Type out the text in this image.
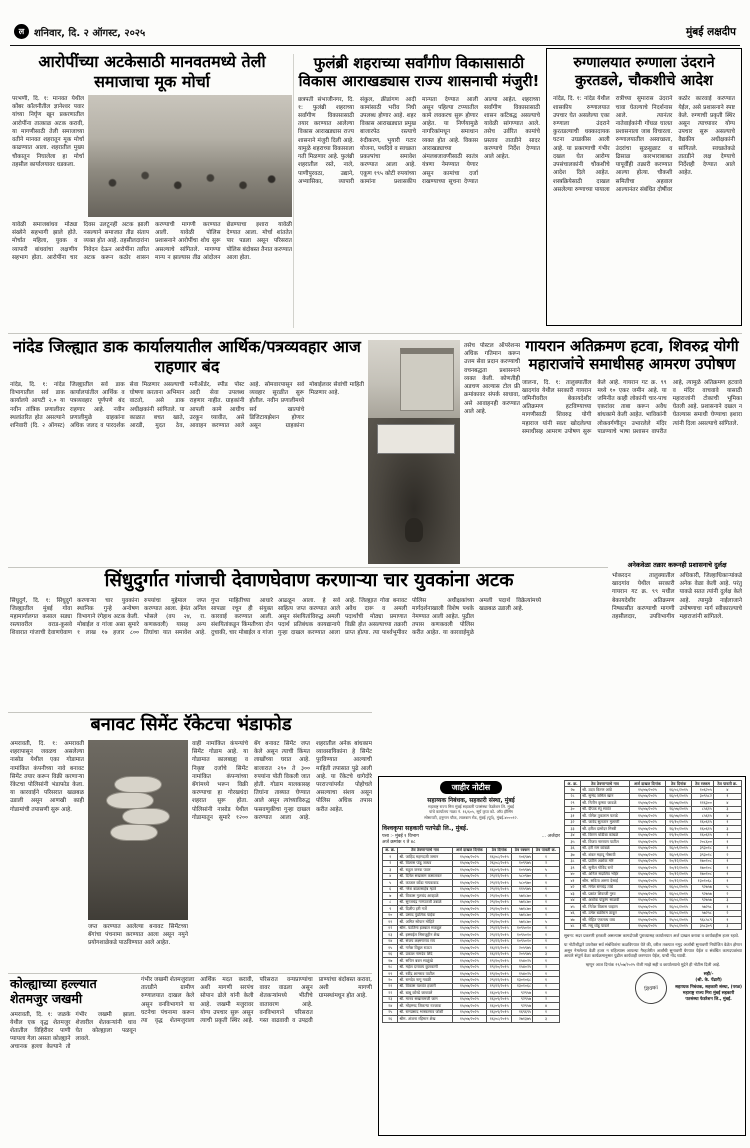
ल शनिवार, दि. २ ऑगस्ट, २०२५	मुंबई लक्षदीप
आरोपींच्या अटकेसाठी मानवतमध्ये तेली समाजाचा मूक मोर्चा
परभणी, दि. १: मानवत येथील कोंबर कॉलनीतील ज्ञानेश्वर पवार यांच्या निर्घृण खून प्रकरणातील आरोपींना तात्काळ अटक करावी, या मागणीसाठी तेली समाजाच्या वतीने मानवत शहरातून मूक मोर्चा काढण्यात आला. शहरातील मुख्य चौकातून निघालेला हा मोर्चा तहसील कार्यालयावर धडकला.
यावेळी समाजबांधव मोठ्या संख्येने सहभागी झाले होते. मोर्चात महिला, युवक व व्यापारी बांधवांचा लक्षणीय सहभाग होता. आरोपींना चार दिवस उलटूनही अटक झाली नसल्याने समाजात तीव्र संताप व्यक्त होत आहे. तहसीलदारांना निवेदन देऊन आरोपींना त्वरित अटक करून कठोर शासन करण्याची मागणी करण्यात आली. यावेळी पोलिस प्रशासनाने आरोपींचा शोध सुरू असल्याचे सांगितले. मागण्या मान्य न झाल्यास तीव्र आंदोलन छेडण्याचा इशारा यावेळी देण्यात आला. मोर्चा शांततेत पार पडला असून परिसरात पोलिस बंदोबस्त तैनात करण्यात आला होता.
फुलंब्री शहराच्या सर्वांगीण विकासासाठी विकास आराखड्यास राज्य शासनाची मंजुरी!
छत्रपती संभाजीनगर, दि. १: फुलंब्री शहराच्या सर्वांगीण विकासासाठी तयार करण्यात आलेल्या विकास आराखड्यास राज्य शासनाने मंजुरी दिली आहे. यामुळे शहराच्या विकासाला गती मिळणार आहे. फुलंब्री शहरातील रस्ते, नाले, पाणीपुरवठा, उद्याने, अभ्यासिका, व्यापारी संकुल, क्रीडांगण आदी कामांसाठी भरीव निधी उपलब्ध होणार आहे. शहर विकास आराखड्यात प्रमुख बाजारपेठ रस्त्याचे रुंदीकरण, भुयारी गटार योजना, पथदिवे व स्वच्छता प्रकल्पांचा समावेश करण्यात आला आहे. एकूण १९५ कोटी रुपयांच्या कामांना प्रशासकीय मान्यता देण्यात आली असून पहिल्या टप्प्यातील कामे लवकरच सुरू होणार आहेत. या निर्णयामुळे नागरिकांमधून समाधान व्यक्त होत आहे. विकास आराखड्याच्या अंमलबजावणीसाठी स्वतंत्र यंत्रणा नेमण्यात येणार असून कामांचा दर्जा राखण्याच्या सूचना देण्यात आल्या आहेत. शहराच्या सर्वांगीण विकासासाठी शासन कटिबद्ध असल्याचे यावेळी सांगण्यात आले. तसेच उर्वरित कामांचे प्रस्ताव तातडीने सादर करण्याचे निर्देश देण्यात आले आहेत.
रुग्णालयात रुग्णाला उंदराने कुरतडले, चौकशीचे आदेश
नांदेड, दि. १: नांदेड येथील शासकीय रुग्णालयात उपचार घेत असलेल्या एका रुग्णाला उंदराने कुरतडल्याची धक्कादायक घटना उघडकीस आली आहे. या प्रकरणाची गंभीर दखल घेत आरोग्य उपसंचालकांनी चौकशीचे आदेश दिले आहेत. शस्त्रक्रियेसाठी दाखल असलेल्या रुग्णाच्या पायाला रात्रीच्या सुमारास उंदराने चावा घेतल्याचे निदर्शनास आले. त्यानंतर नातेवाईकांनी गोंधळ घालत प्रशासनाला जाब विचारला. रुग्णालयातील अस्वच्छता, उंदरांचा सुळसुळाट व ढिसाळ कारभाराबाबत यापूर्वीही तक्रारी करण्यात आल्या होत्या. चौकशी समितीचा अहवाल आल्यानंतर संबंधित दोषींवर कठोर कारवाई करण्यात येईल, असे प्रशासनाने स्पष्ट केले. रुग्णाची प्रकृती स्थिर असून त्याच्यावर योग्य उपचार सुरू असल्याचे वैद्यकीय अधीक्षकांनी सांगितले. स्वच्छतेकडे तातडीने लक्ष देण्याचे निर्देशही देण्यात आले आहेत.
नांदेड जिल्ह्यात डाक कार्यालयातील आर्थिक/पत्रव्यवहार आज राहणार बंद
नांदेड, दि. १: नांदेड विभागातील सर्व डाक कार्यालये आयटी २.० या नवीन तांत्रिक प्रणालीवर स्थलांतरित होत असल्याने शनिवारी (दि. २ ऑगस्ट) जिल्ह्यातील सर्व डाक कार्यालयांतील आर्थिक व पत्रव्यवहार पूर्णपणे बंद राहणार आहे. नवीन प्रणालीमुळे ग्राहकांना अधिक जलद व पारदर्शक सेवा मिळणार असल्याची घोषणा करताना अभिमान वाटतो, असे डाक अधीक्षकांनी सांगितले. या काळात बचत खाते, आरडी, मुदत ठेव, मनीऑर्डर, स्पीड पोस्ट आदी सेवा उपलब्ध राहणार नाहीत. ग्राहकांनी आपली कामे आधीच उरकून घ्यावीत, असे आवाहन करण्यात आले आहे. सोमवारपासून सर्व व्यवहार सुरळीत सुरू होतील. नवीन प्रणालीमध्ये सर्व खात्यांचे डिजिटायझेशन होणार असून ग्राहकांना मोबाईलवर सेवांची माहिती मिळणार आहे.
तसेच पोस्टल ऑपरेशन्स अधिक गतिमान करून उत्तम सेवा प्रदान करण्याची वचनबद्धता प्रशासनाने व्यक्त केली. कोणतीही अडचण आल्यास टोल फ्री क्रमांकावर संपर्क साधावा, असे आवाहनही करण्यात आले आहे.
गायरान अतिक्रमण हटवा, शिवरुद्र योगी महाराजांचे समाधीसह आमरण उपोषण
जालना, दि. १: तालुक्यातील खादगांव येथील सरकारी गायरान जमिनीवरील बेकायदेशीर अतिक्रमण हटविण्याच्या मागणीसाठी शिवरुद्र योगी महाराज यांनी स्वतः खोदलेल्या समाधीसह आमरण उपोषण सुरू केले आहे. गायरान गट क्र. ९९ मध्ये १० एकर जमीन आहे. या जमिनीत काही लोकांनी चार-पाच एकरांवर ताबा करून अवैध बांधकामे केली आहेत. भाविकांनी लोकवर्गणीतून उभारलेले मंदिर पाडण्याचे भाषा प्रशासन वापरीत आहे, त्यामुळे अतिक्रमण हटवावे व मंदिर वाचवावे यासाठी महाराजांनी टोकाची भूमिका घेतली आहे. प्रशासनाने दखल न घेतल्यास समाधी घेण्याचा इशारा त्यांनी दिला असल्याचे सांगितले.
अनेकवेळा तक्रार करूनही प्रशासनाचे दुर्लक्ष
भोकरदन तालुक्यातील खादगांव येथील सरकारी गायरान गट क्र. ९९ मधील बेकायदेशीर अतिक्रमण निष्कासीत करण्याची मागणी तहसीलदार, उपविभागीय अधिकारी, जिल्हाधिकाऱ्यांकडे अनेक वेळा केली आहे. परंतु याकडे सतत त्यांनी दुर्लक्ष केले आहे. त्यामुळे नाईलाजाने उपोषणाचा मार्ग स्वीकारल्याचे महाराजांनी सांगितले.
सिंधुदुर्गात गांजाची देवाणघेवाण करणाऱ्या चार युवकांना अटक
सिंधुदुर्ग, दि. १: सिंधुदुर्ग जिल्ह्यातील मुंबई गोवा महामार्गालगत कसाल सड्या रस्त्यावरील वराड-कुसवे शिवारात गांजाची देवाणघेवाण करणाऱ्या चार युवकांना स्थानिक गुन्हे अन्वेषण विभागाने रंगेहाथ अटक केली. मोबाईल व गांजा असा सुमारे १ लाख १७ हजार ८०० रुपयांचा मुद्देमाल जप्त करण्यात आला. हेमंत अनिल भोसले (वय २४, रा. कणकवली) यासह अन्य तिघांचा यात समावेश आहे. गुप्त माहितीच्या आधारे सापळा रचून ही संयुक्त कारवाई करण्यात आली. संशयितांकडून किंमतीच्या दोन दुचाकी, चार मोबाईल व गांजा आढळून आला. हे सर्व साहित्य जप्त करण्यात आले असून संशयितांविरुद्ध अमली पदार्थ प्रतिबंधक कायद्यान्वये गुन्हा दाखल करण्यात आला आहे. जिल्ह्यात गोवा बनावट अवैध दारू व अमली पदार्थांची मोठ्या प्रमाणात विक्री होत असल्याच्या तक्रारी प्राप्त होत्या. त्या पार्श्वभूमीवर पोलिस अधीक्षकांच्या मार्गदर्शनाखाली विशेष पथके नेमण्यात आली आहेत. पुढील तपास कणकवली पोलिस करीत आहेत. या कारवाईमुळे अमली पदार्थ विक्रेत्यांमध्ये खळबळ उडाली आहे.
बनावट सिमेंट रॅकेटचा भंडाफोड
अमरावती, दि. १: अमरावती शहरापासून जवळच असलेल्या नासोड येथील एका गोडामात नामांकित कंपनीच्या नावे बनावट सिमेंट तयार करून विक्री करणाऱ्या रॅकेटचा पोलिसांनी भंडाफोड केला. या कारवाईने परिसरात खळबळ उडाली असून आणखी काही गोडामांची तपासणी सुरू आहे.
जप्त करण्यात आलेल्या बनावट सिमेंटच्या बॅगांचा पंचनामा करण्यात आला असून नमुने प्रयोगशाळेकडे पाठविण्यात आले आहेत.
वाही नामांकित कंपन्यांचे सिमेंट गोडाम आहे. या गोडामात कालबाह्य व निकृष्ट दर्जाचे सिमेंट नामांकित कंपन्यांच्या बॅगांमध्ये भरून विक्री करण्याचा हा गोरखधंदा शहरात सुरू होता. पोलिसांनी नासोड येथील गोडामातून सुमारे १२०० बॅग बनावट सिमेंट जप्त केले असून त्याची किंमत लाखोंच्या घरात आहे. बाजारात २९० ते ३०० रुपयांना पोती विकली जात होती. गोडाम मालकासह तिघांना ताब्यात घेण्यात आले असून त्यांच्याविरुद्ध फसवणुकीचा गुन्हा दाखल करण्यात आला आहे. शहरातील अनेक बांधकाम व्यावसायिकांना हे सिमेंट पुरविण्यात आल्याची माहिती तपासात पुढे आली आहे. या रॅकेटचे धागेदोरे परराज्यांपर्यंत पोहोचले असल्याचा संशय असून पोलिस अधिक तपास करीत आहेत.
कोल्ह्याच्या हल्ल्यात शेतमजुर जखमी
अमरावती, दि. १: जळके येथील एक वृद्ध शेतमजुर शेतातील विहिरीवर पाणी प्यायला गेला असता कोल्ह्याने अचानक हल्ला केल्याने तो गंभीर जखमी झाला. शेजारील शेतकऱ्यांनी धाव घेत कोल्ह्याला पळवून लावले.
गंभीर जखमी शेतमजुराला तातडीने ग्रामीण रुग्णालयात दाखल केले असून वनविभागाने या घटनेचा पंचनामा करून त्या वृद्ध शेतमजुराला आर्थिक मदत करावी, अशी मागणी सरपंच सोपान ढोले यांनी केली आहे. जखमी मजुरावर योग्य उपचार सुरू असून त्याची प्रकृती स्थिर आहे. परिसरात वन्यप्राण्यांचा वावर वाढला असून शेतकऱ्यांमध्ये भीतीचे वातावरण आहे. वनविभागाने परिसरात गस्त वाढवावी व उपद्रवी प्राण्यांचा बंदोबस्त करावा, अशी मागणी ग्रामस्थांमधून होत आहे.
जाहीर नोटीस
सहाय्यक निबंधक, सहकारी संस्था, मुंबई
महाराष्ट्र राज्य मिरा मुंबई सहकारी पतसंस्था फेडरेशन लि. मुंबई
यांचे कार्यालय गाळा नं. १६/६०५, सूर्य कृपा को- ऑप हौसिंग
सोसायटी, हनुमान चौक, लालबाग रोड, मुंबई (पूर्व), मुंबई-४०००१२.
विश्वकृपा सहकारी पतपेढी लि., मुंबई.
पत्ता :- मुंबई १ विभाग	... अर्जदार
अर्ज क्रमांक १ ते ४८
अ. क्र.	ठेव ठेवणाऱ्याचे नाव	अर्ज दाखल दिनांक	ठेव दिनांक	ठेव रक्कम	ठेव पावती क्र.
१	श्री. जाहिद महमदजी जमान	१५/०७/२०२५	१६/०८/२०१५	१०६९७५	१
२	श्री. विलास पांडू जाधव	१५/०७/२०२५	२६/०८/२०१५	१०९९७५	२
३	श्री. राहुल जनक पवार	१५/०७/२०२५	१६/०९/२०१५	१०५९७५	५
४	श्री. दिनेश सखाराम कसालकर	१५/०७/२०२५	२९/१२/२०१५	५८०९७०	१
५	श्री. काजल कोंडा गायकवाड	१५/०७/२०२५	२९/१२/२०१५	५८०९७०	१
६	श्री. नरेश बाळासाहेब म्हात्रे	१५/०७/२०२५	२९/११/२०१५	११५९७५	१
७	श्री. विकास गुलचंद आव्हाळे	१५/०७/२०२५	२९/१०/२०१५	५७१८७०	१
८	श्री. सुरजचंद्र गणपतजी उबाळे	१५/०७/२०२५	२९/१०/२०१५	५७१८७०	१
९	श्री. दिलीप हरी गर्जे	१५/०७/२०२५	२९/१०/२०१५	५७१८७०	१
१०	श्री. प्रसाद पुंडलिक पाईक	१५/०७/२०२५	२९/१०/२०१५	५७१८७०	१
११	श्री. अमित सोपान मोहिते	१५/०७/२०२५	२९/१०/२०१५	५७१८७०	५
१२	श्रीम. फातिमा इक्बाल मकबूल	१५/०७/२०२५	२९/१२/२०१५	१०९५०१०	१
१३	श्री. इस्माईल सिराजुद्दीन शेख	१५/०७/२०२५	२९/१२/२०१५	१०९५०१०	१
१४	श्री. संजय लक्ष्मणराव राय	१५/०७/२०२५	२९/१२/२०१५	१०९५०१०	१
१५	श्री. गणेश विठ्ठल राऊत	१५/०७/२०२५	१६/१२/२०१५	२०५९७५	१
१६	श्री. प्रकाश नामदेव शिंदे	१५/०७/२०२५	१६/१२/२०१५	२०५९७५	३
१७	श्री. सचिन बबन साळुंखे	१५/०७/२०२५	१९/१०/२०१५	१५४०२५	१
१८	श्री. महेश दत्तात्रय कुलकर्णी	१५/०७/२०२५	१९/१०/२०१५	१५४०२५	२
१९	श्री. रवींद्र शामराव पाटील	१५/०७/२०२५	१९/१०/२०१५	१५४०२५	१
२०	श्री. रामदेव नागू गवळी	१५/०७/२०२५	२९/१२/२०१५	१३०१०६८	१
२१	श्री. विकास यशवंत हजारी	१५/०७/२०२५	१९/१२/२०१५	१३०१०६८	१
२२	श्री. बाबू कोरडे जाधवले	१५/०७/२०२५	१६/०९/२०१५	९२९५७	१
२३	श्री. मानव सखारामजी जाम	१५/०७/२०२५	१६/०९/२०१५	९२९५७	२
२४	श्री. मोहम्मद जिकऱ्या रज्जाक	१५/०७/२०२५	१६/०९/२०१५	९२९५७	४
२५	श्री. रामप्रसाद भास्करराव जोशी	१५/०७/२०२५	१६/०९/२०१५	१६९६९५	१
२६	श्रीम. अंजना रहिमान शेख	१५/०७/२०२५	१६/०८/२०१५	२७१३७५	३
अ. क्र.	ठेव ठेवणाऱ्याचे नाव	अर्ज दाखल दिनांक	ठेव दिनांक	ठेव रक्कम	ठेव पावती क्र.
२७	श्री. उदय किरण आंग्रे	१५/०७/२०२५	१६/०८/२०१५	१०६२०५	४
२८	श्री. सुभेद जमिल खान	१५/०७/२०२५	१६/०९/२०१५	३०९५८२	१
२९	श्री. नितीन कृष्णा जावळे	१५/०७/२०२५	१६/०७/२०१५	११६३००	४
३०	श्री. दीपक रघू सावंत	१५/०७/२०२५	२६/०७/२०१५	८५६१५	३
३१	श्री. योगेश तुकाराम फराडे	१५/०७/२०२५	१६/०७/२०१५	८५६१५	४
३२	श्री. जावेद सुलतान मुलाणी	१५/०७/२०२५	१९/१०/२०१५	१६०६१५	१
३३	श्री. हरीश दामोदर मिस्त्री	१५/०७/२०२५	२६/१०/२०१५	१६०६१५	३
३४	श्री. किरण धोंडीबा कांबळे	१५/०७/२०२५	१९/१०/२०१५	१६०६१५	१
३५	श्री. विजय नारायण पाटील	१५/०७/२०२५	१९/१०/२०१५	२०८६००	१
३६	श्री. हरी राम कांबळे	१५/०७/२०२५	२६/०९/२०१५	३९३०१८	१
३७	श्री. शंकर महादू गोसावी	१५/०७/२०२५	२६/०९/२०१५	३९३०१८	२
३८	श्री. प्रवीण अशोक मोरे	१५/०७/२०२५	२०/१२/२०१५	१७०१०८	१
३९	श्री. सुनील गोविंद राणे	१५/०७/२०२५	२०/१२/२०१५	१७०१०८	१
४०	श्री. अनिल सदाशिव भोईर	१५/०७/२०२५	२०/१२/२०१५	१७०१०८	१
४१	श्रीम. सविता अरुण देसाई	१५/०७/२०२५	१०/१२/२०१५	१३०१०६८	१
४२	श्री. मंगेश रामचंद्र तांबे	१५/०७/२०२५	१६/०८/२०१५	९२७५७	५
४३	श्री. प्रशांत शिवाजी गुरव	१५/०७/२०२५	१६/०८/२०१५	९२७५७	२
४४	श्री. अशोक पांडुरंग साळवी	१५/०७/२०२५	१६/०८/२०१५	९२७५७	३
४५	श्री. नितेश विलास चव्हाण	१५/०७/२०२५	२६/०८/२०१५	५७२५८	१
४६	श्री. उमेश बळीराम ठाकूर	१५/०७/२०२५	२६/०८/२०१५	५७२५८	२
४७	श्री. रोहित एकनाथ वाघ	१५/०७/२०२५	२५/०८/२०१५	९६८५८९	१
४८	श्री. मधू धोंडू पावले	१५/०७/२०२५	२५/०८/२०१५	३५८३०९	३
सूचना: सदर प्रकरणी हरकती असल्यास कागदोपत्री पुराव्यासह कार्यालयात अर्ज दाखल करावा व कार्यवाहीस हजर रहावे.
या नोटीशीद्वारे उपरोक्त सर्व संबंधितांना कळविण्यात येते की, वरील तक्त्यात नमूद अर्जांची सुनावणी नियोजित वेळेत होणार असून नेमलेल्या वेळी हजर न राहिल्यास आपल्या गैरहजेरीत अर्जांची सुनावणी घेण्यात येईल व संबंधित कागदपत्रांच्या आधारे संपूर्ण वेळा कार्यक्रमानुसार पुढील कार्यवाही करण्यात येईल, याची नोंद घ्यावी.
म्हणून आज दिनांक २९/०७/२०२५ रोजी माझे सही व कार्यालयाचे मुद्रेने ही नोटीस दिली आहे.
शिक्का
सही/-
(श्री. के. पेंढारी)
सहाय्यक निबंधक, सहकारी संस्था, (परळ)
महाराष्ट्र राज्य मिरा मुंबई सहकारी
पतसंस्था फेडरेशन लि., मुंबई.
